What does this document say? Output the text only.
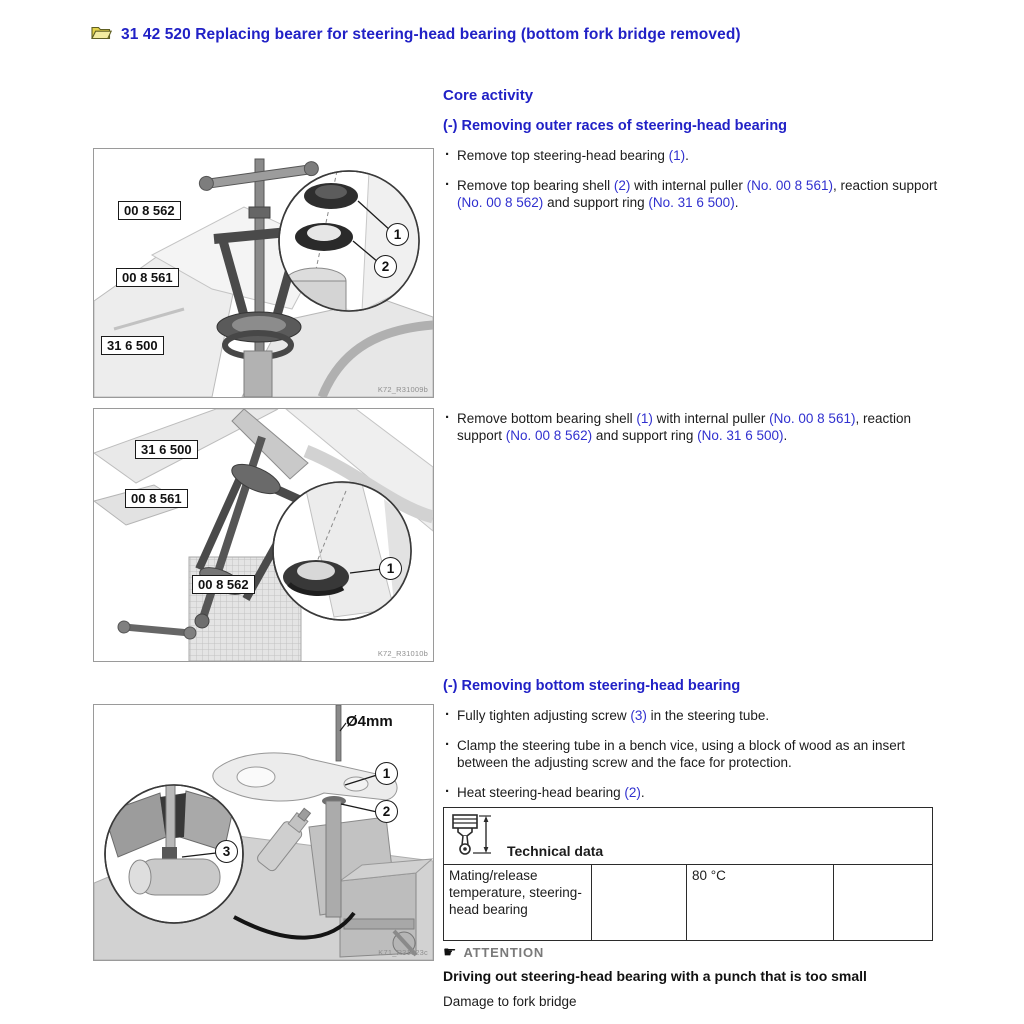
31 42 520 Replacing bearer for steering-head bearing (bottom fork bridge removed)
Core activity
(-) Removing outer races of steering-head bearing
· Remove top steering-head bearing (1).
· Remove top bearing shell (2) with internal puller (No. 00 8 561), reaction support (No. 00 8 562) and support ring (No. 31 6 500).
· Remove bottom bearing shell (1) with internal puller (No. 00 8 561), reaction support (No. 00 8 562) and support ring (No. 31 6 500).
(-) Removing bottom steering-head bearing
· Fully tighten adjusting screw (3) in the steering tube.
· Clamp the steering tube in a bench vice, using a block of wood as an insert between the adjusting screw and the face for protection.
· Heat steering-head bearing (2).
00 8 562
00 8 561
31 6 500
1
2
K72_R31009b
31 6 500
00 8 561
00 8 562
1
K72_R31010b
Ø4mm
1
2
3
K71_R31023c
Technical data

Mating/release temperature, steering-head bearing		80 °C	
☛ ATTENTION
Driving out steering-head bearing with a punch that is too small
Damage to fork bridge
